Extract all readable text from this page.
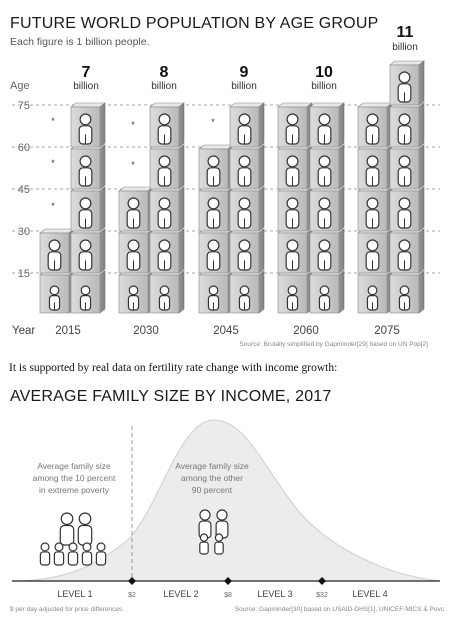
FUTURE WORLD POPULATION BY AGE GROUP
Each figure is 1 billion people.
Age
Year
Source: Brutally simplified by Gapminder[29] based on UN Pop[2]
15
30
45
60
75
2015
7
billion
2030
8
billion
2045
9
billion
2060
10
billion
2075
11
billion
*
*
*
*
*
*
It is supported by real data on fertility rate change with income growth:
AVERAGE FAMILY SIZE BY INCOME, 2017
Average family size
among the 10 percent
in extreme poverty
Average family size
among the other
90 percent
LEVEL 1	LEVEL 2	LEVEL 3	LEVEL 4
$2	$8	$32
$ per day adjusted for price differences.	Source: Gapminder[30] based on USAID-DHS[1], UNICEF-MICS & Povc
